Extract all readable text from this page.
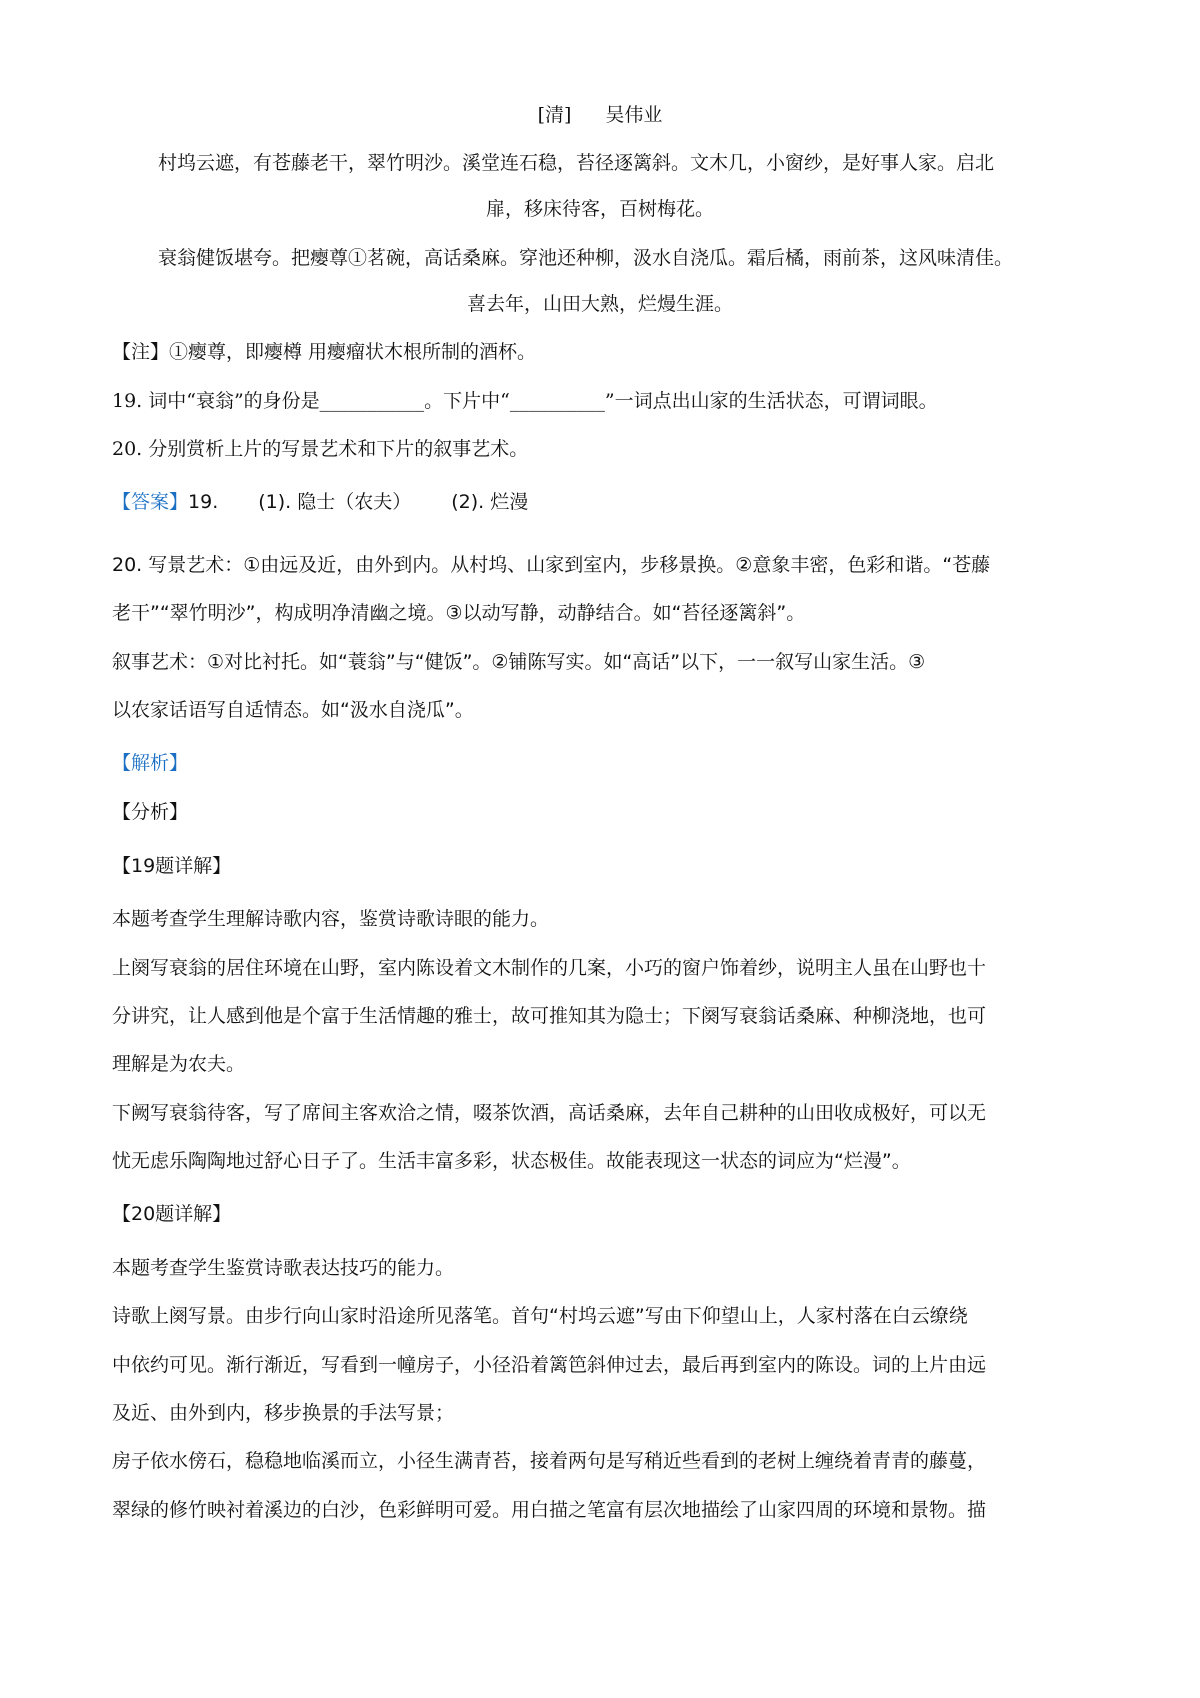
[清] 吴伟业
村坞云遮，有苍藤老干，翠竹明沙。溪堂连石稳，苔径逐篱斜。文木几，小窗纱，是好事人家。启北
扉，移床待客，百树梅花。
衰翁健饭堪夸。把瘿尊①茗碗，高话桑麻。穿池还种柳，汲水自浇瓜。霜后橘，雨前茶，这风味清佳。
喜去年，山田大熟，烂熳生涯。
【注】①瘿尊，即瘿樽 用瘿瘤状木根所制的酒杯。
19. 词中“衰翁”的身份是___________。下片中“__________”一词点出山家的生活状态，可谓词眼。
20. 分别赏析上片的写景艺术和下片的叙事艺术。
【答案】19. (1). 隐士（农夫） (2). 烂漫
20. 写景艺术：①由远及近，由外到内。从村坞、山家到室内，步移景换。②意象丰密，色彩和谐。“苍藤
老干”“翠竹明沙”，构成明净清幽之境。③以动写静，动静结合。如“苔径逐篱斜”。
叙事艺术：①对比衬托。如“蓑翁”与“健饭”。②铺陈写实。如“高话”以下，一一叙写山家生活。③
以农家话语写自适情态。如“汲水自浇瓜”。
【解析】
【分析】
【19题详解】
本题考查学生理解诗歌内容，鉴赏诗歌诗眼的能力。
上阕写衰翁的居住环境在山野，室内陈设着文木制作的几案，小巧的窗户饰着纱，说明主人虽在山野也十
分讲究，让人感到他是个富于生活情趣的雅士，故可推知其为隐士；下阕写衰翁话桑麻、种柳浇地，也可
理解是为农夫。
下阙写衰翁待客，写了席间主客欢洽之情，啜茶饮酒，高话桑麻，去年自己耕种的山田收成极好，可以无
忧无虑乐陶陶地过舒心日子了。生活丰富多彩，状态极佳。故能表现这一状态的词应为“烂漫”。
【20题详解】
本题考查学生鉴赏诗歌表达技巧的能力。
诗歌上阕写景。由步行向山家时沿途所见落笔。首句“村坞云遮”写由下仰望山上，人家村落在白云缭绕
中依约可见。渐行渐近，写看到一幢房子，小径沿着篱笆斜伸过去，最后再到室内的陈设。词的上片由远
及近、由外到内，移步换景的手法写景；
房子依水傍石，稳稳地临溪而立，小径生满青苔，接着两句是写稍近些看到的老树上缠绕着青青的藤蔓，
翠绿的修竹映衬着溪边的白沙，色彩鲜明可爱。用白描之笔富有层次地描绘了山家四周的环境和景物。描
